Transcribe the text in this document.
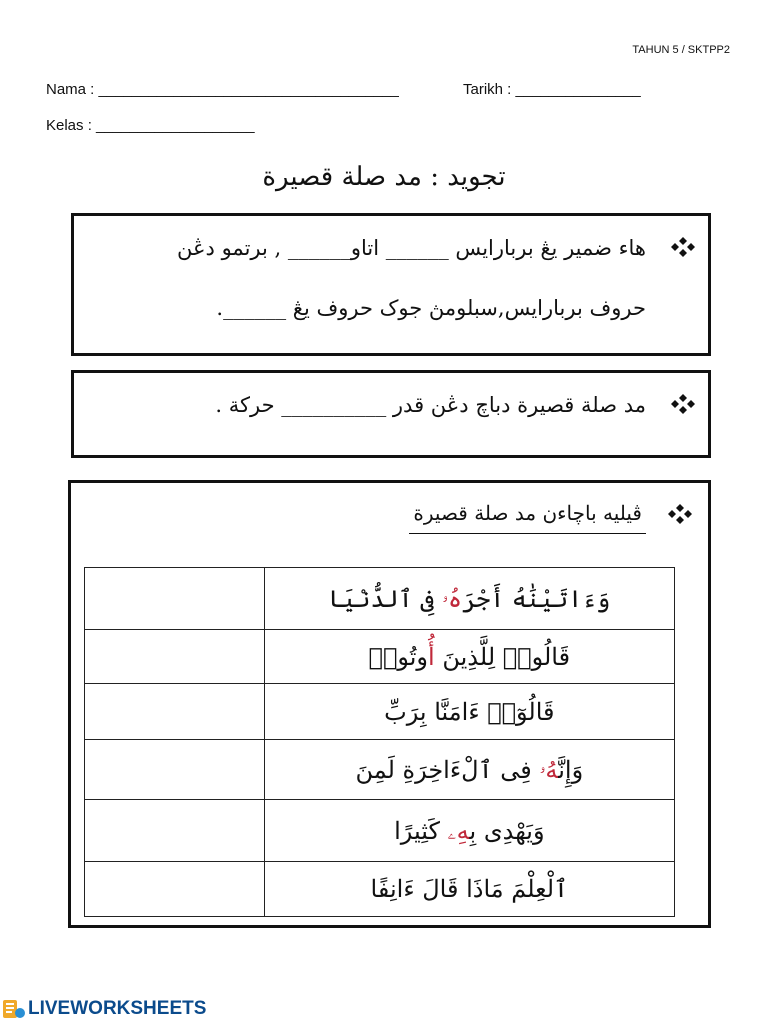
TAHUN 5 / SKTPP2
Nama : ____________________________________	Tarikh : _______________
Kelas : ___________________
تجويد : مد صلة قصيرة
هاء ضمير يڠ بربارايس ______ اتاو______ , برتمو دڠن
حروف بربارايس,سبلومڽ جوک حروف يڠ ______.
مد صلة قصيرة دباچ دڠن قدر __________ حركة .
ڤيليه باچاءن مد صلة قصيرة

	وَءَاتَيْنَٰهُ أَجْرَهُۥ فِى ٱلدُّنْيَا

	قَالُوا۟ لِلَّذِينَ أُوتُوا۟

	قَالُوٓا۟ ءَامَنَّا بِرَبِّ

	وَإِنَّهُۥ فِى ٱلْءَاخِرَةِ لَمِنَ

	وَيَهْدِى بِهِۦ كَثِيرًا

	ٱلْعِلْمَ مَاذَا قَالَ ءَانِفًا
LIVEWORKSHEETS
